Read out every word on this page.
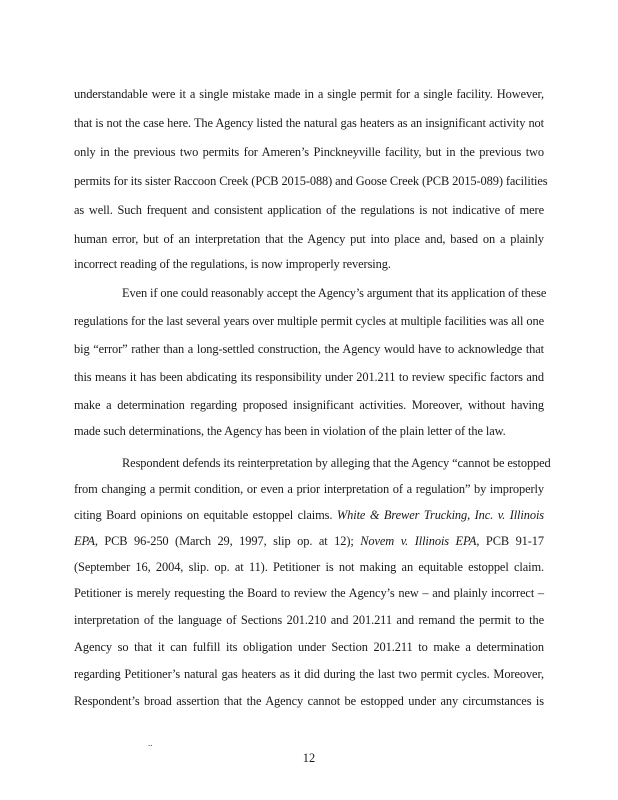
understandable were it a single mistake made in a single permit for a single facility. However,
that is not the case here. The Agency listed the natural gas heaters as an insignificant activity not
only in the previous two permits for Ameren’s Pinckneyville facility, but in the previous two
permits for its sister Raccoon Creek (PCB 2015-088) and Goose Creek (PCB 2015-089) facilities
as well. Such frequent and consistent application of the regulations is not indicative of mere
human error, but of an interpretation that the Agency put into place and, based on a plainly
incorrect reading of the regulations, is now improperly reversing.
Even if one could reasonably accept the Agency’s argument that its application of these
regulations for the last several years over multiple permit cycles at multiple facilities was all one
big “error” rather than a long-settled construction, the Agency would have to acknowledge that
this means it has been abdicating its responsibility under 201.211 to review specific factors and
make a determination regarding proposed insignificant activities. Moreover, without having
made such determinations, the Agency has been in violation of the plain letter of the law.
Respondent defends its reinterpretation by alleging that the Agency “cannot be estopped
from changing a permit condition, or even a prior interpretation of a regulation” by improperly
citing Board opinions on equitable estoppel claims. White & Brewer Trucking, Inc. v. Illinois
EPA, PCB 96-250 (March 29, 1997, slip op. at 12); Novem v. Illinois EPA, PCB 91-17
(September 16, 2004, slip. op. at 11). Petitioner is not making an equitable estoppel claim.
Petitioner is merely requesting the Board to review the Agency’s new – and plainly incorrect –
interpretation of the language of Sections 201.210 and 201.211 and remand the permit to the
Agency so that it can fulfill its obligation under Section 201.211 to make a determination
regarding Petitioner’s natural gas heaters as it did during the last two permit cycles. Moreover,
Respondent’s broad assertion that the Agency cannot be estopped under any circumstances is
..
12
